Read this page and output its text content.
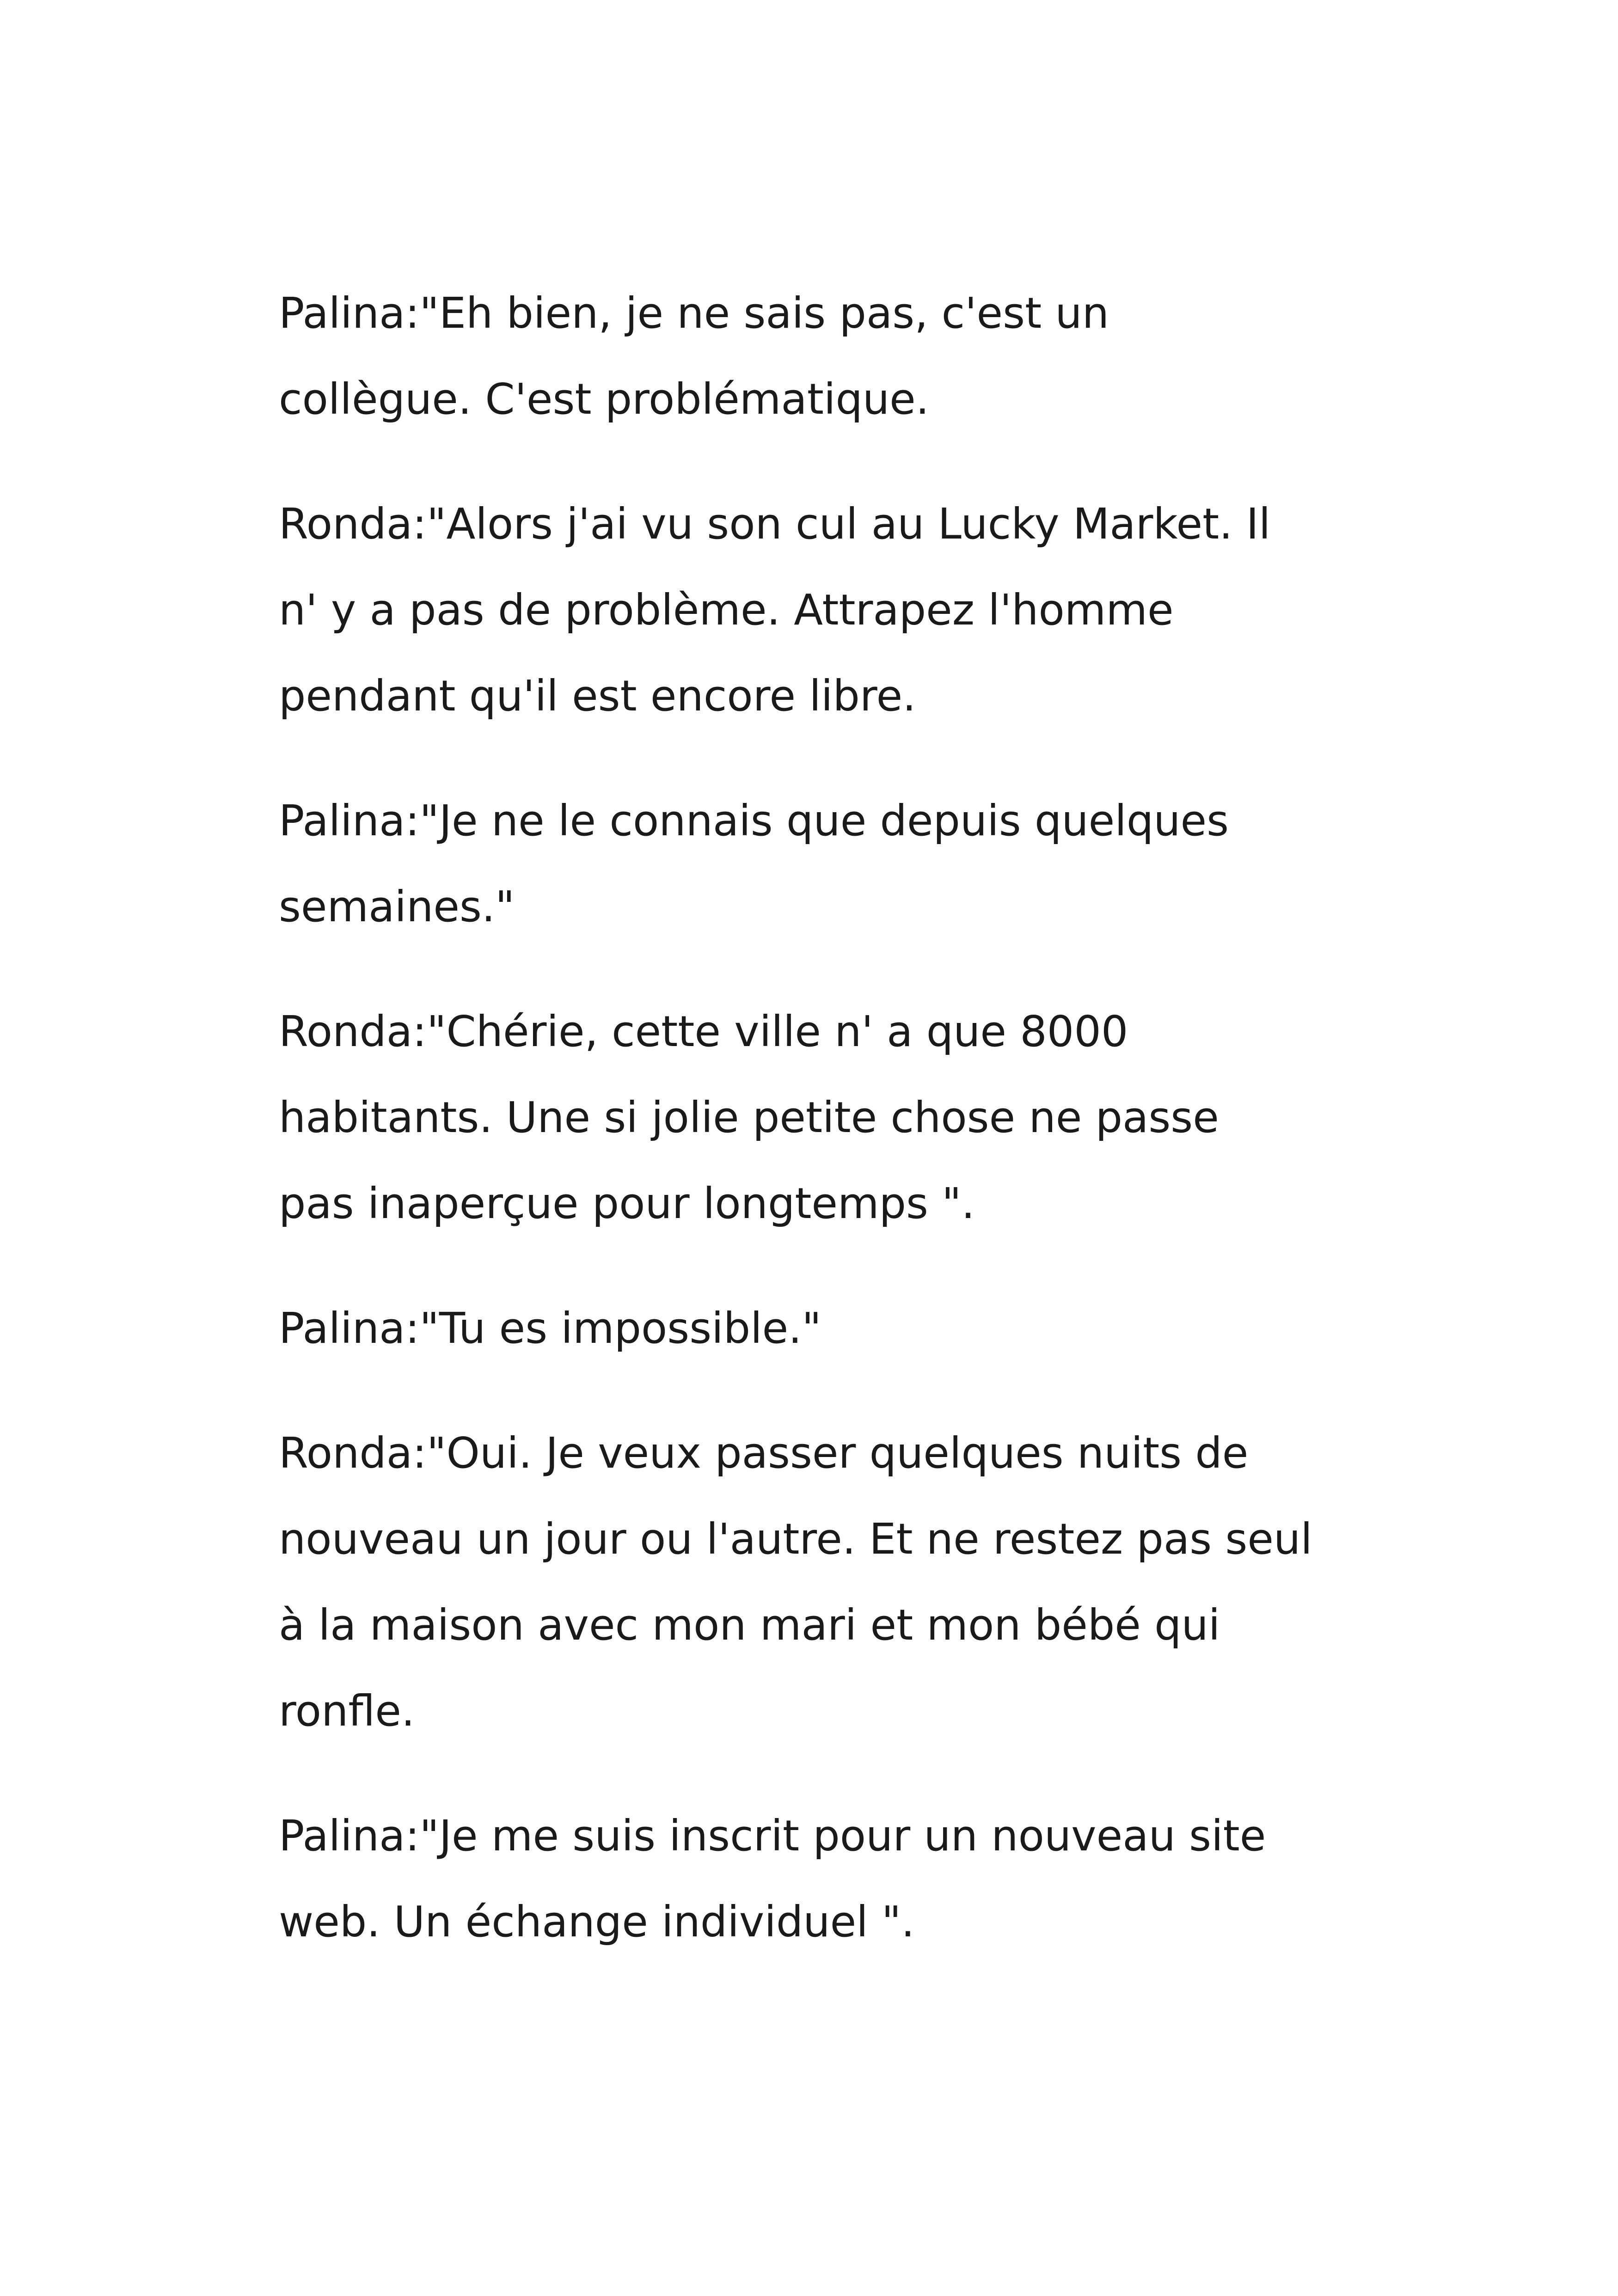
Palina:"Eh bien, je ne sais pas, c'est un
collègue. C'est problématique.

Ronda:"Alors j'ai vu son cul au Lucky Market. Il
n' y a pas de problème. Attrapez l'homme
pendant qu'il est encore libre.

Palina:"Je ne le connais que depuis quelques
semaines."

Ronda:"Chérie, cette ville n' a que 8000
habitants. Une si jolie petite chose ne passe
pas inaperçue pour longtemps ".

Palina:"Tu es impossible."

Ronda:"Oui. Je veux passer quelques nuits de
nouveau un jour ou l'autre. Et ne restez pas seul
à la maison avec mon mari et mon bébé qui
ronfle.

Palina:"Je me suis inscrit pour un nouveau site
web. Un échange individuel ".
